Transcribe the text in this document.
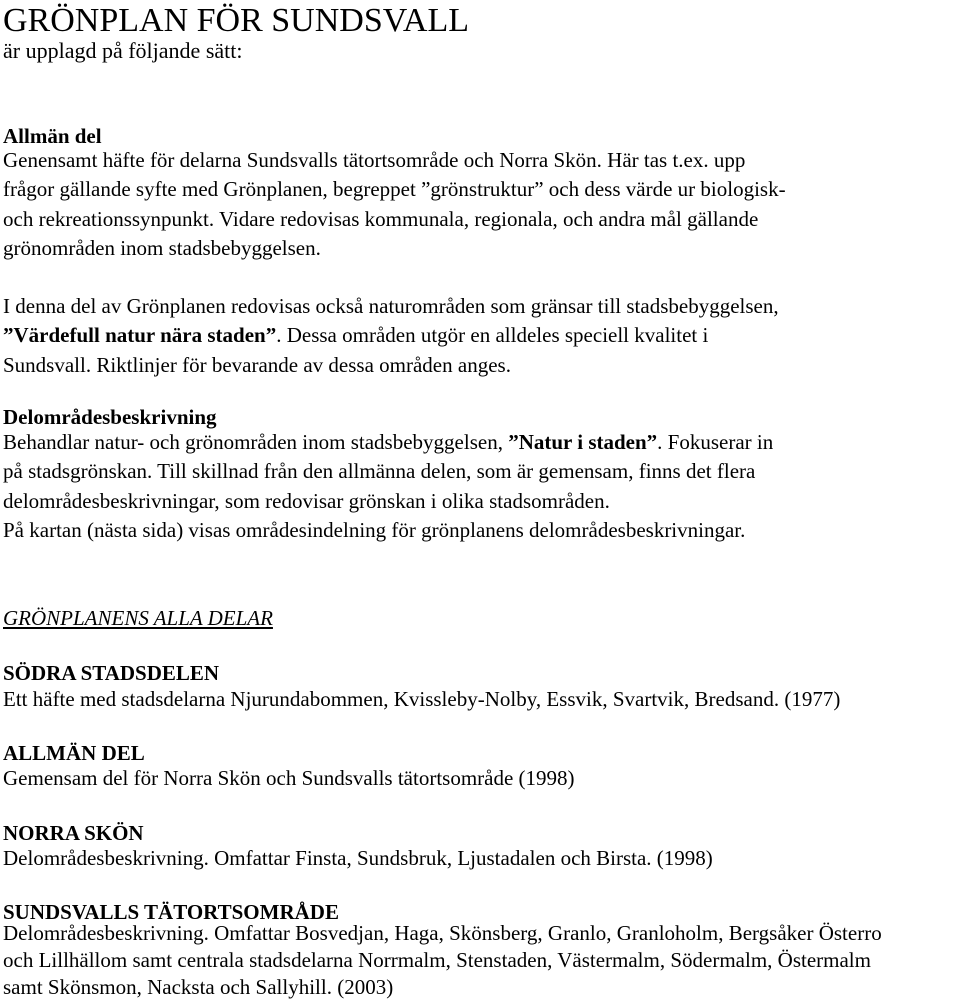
GRÖNPLAN FÖR SUNDSVALL
är upplagd på följande sätt:
Allmän del

Genensamt häfte för delarna Sundsvalls tätortsområde och Norra Skön. Här tas t.ex. upp

frågor gällande syfte med Grönplanen, begreppet ”grönstruktur” och dess värde ur biologisk-

och rekreationssynpunkt. Vidare redovisas kommunala, regionala, och andra mål gällande

grönområden inom stadsbebyggelsen.

I denna del av Grönplanen redovisas också naturområden som gränsar till stadsbebyggelsen,

”Värdefull natur nära staden”. Dessa områden utgör en alldeles speciell kvalitet i

Sundsvall. Riktlinjer för bevarande av dessa områden anges.

Delområdesbeskrivning

Behandlar natur- och grönområden inom stadsbebyggelsen, ”Natur i staden”. Fokuserar in

på stadsgrönskan. Till skillnad från den allmänna delen, som är gemensam, finns det flera

delområdesbeskrivningar, som redovisar grönskan i olika stadsområden.

På kartan (nästa sida) visas områdesindelning för grönplanens delområdesbeskrivningar.

GRÖNPLANENS ALLA DELAR
SÖDRA STADSDELEN
Ett häfte med stadsdelarna Njurundabommen, Kvissleby-Nolby, Essvik, Svartvik, Bredsand. (1977)
ALLMÄN DEL
Gemensam del för Norra Skön och Sundsvalls tätortsområde (1998)
NORRA SKÖN
Delområdesbeskrivning. Omfattar Finsta, Sundsbruk, Ljustadalen och Birsta. (1998)
SUNDSVALLS TÄTORTSOMRÅDE

Delområdesbeskrivning. Omfattar Bosvedjan, Haga, Skönsberg, Granlo, Granloholm, Bergsåker Österro

och Lillhällom samt centrala stadsdelarna Norrmalm, Stenstaden, Västermalm, Södermalm, Östermalm

samt Skönsmon, Nacksta och Sallyhill. (2003)
